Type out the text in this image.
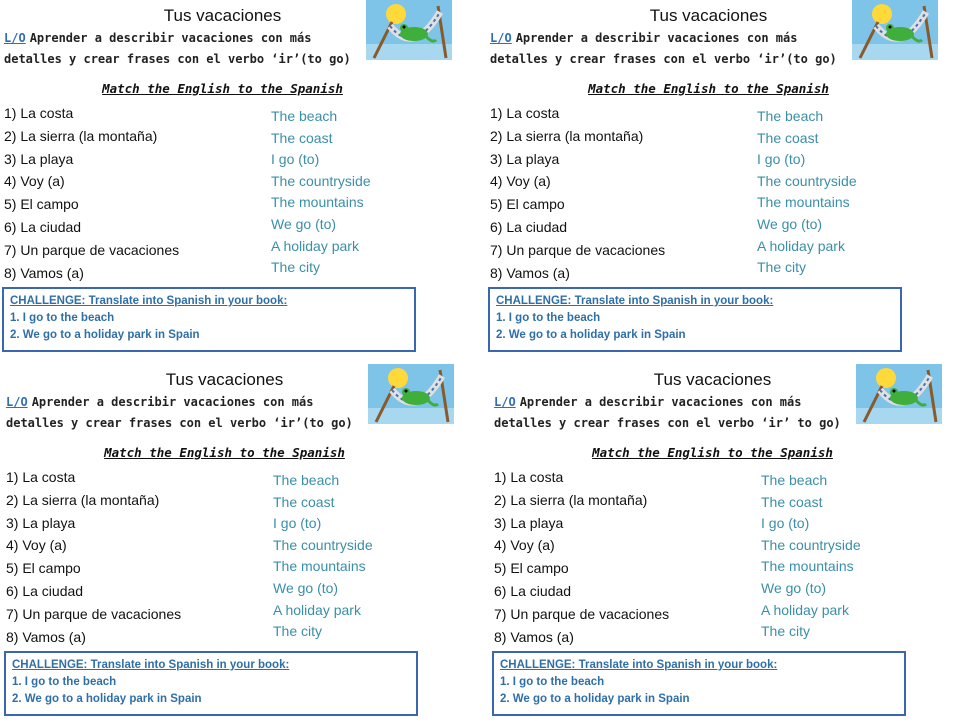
Tus vacaciones
L/O Aprender a describir vacaciones con más
detalles y crear frases con el verbo ‘ir’(to go)
Match the English to the Spanish
1) La costa
2) La sierra (la montaña)
3) La playa
4) Voy (a)
5) El campo
6) La ciudad
7) Un parque de vacaciones
8) Vamos (a)
The beach
The coast
I go (to)
The countryside
The mountains
We go (to)
A holiday park
The city
CHALLENGE: Translate into Spanish in your book:
1. I go to the beach
2. We go to a holiday park in Spain
Tus vacaciones
L/O Aprender a describir vacaciones con más
detalles y crear frases con el verbo ‘ir’(to go)
Match the English to the Spanish
1) La costa
2) La sierra (la montaña)
3) La playa
4) Voy (a)
5) El campo
6) La ciudad
7) Un parque de vacaciones
8) Vamos (a)
The beach
The coast
I go (to)
The countryside
The mountains
We go (to)
A holiday park
The city
CHALLENGE: Translate into Spanish in your book:
1. I go to the beach
2. We go to a holiday park in Spain
Tus vacaciones
L/O Aprender a describir vacaciones con más
detalles y crear frases con el verbo ‘ir’(to go)
Match the English to the Spanish
1) La costa
2) La sierra (la montaña)
3) La playa
4) Voy (a)
5) El campo
6) La ciudad
7) Un parque de vacaciones
8) Vamos (a)
The beach
The coast
I go (to)
The countryside
The mountains
We go (to)
A holiday park
The city
CHALLENGE: Translate into Spanish in your book:
1. I go to the beach
2. We go to a holiday park in Spain
Tus vacaciones
L/O Aprender a describir vacaciones con más
detalles y crear frases con el verbo ‘ir’ to go)
Match the English to the Spanish
1) La costa
2) La sierra (la montaña)
3) La playa
4) Voy (a)
5) El campo
6) La ciudad
7) Un parque de vacaciones
8) Vamos (a)
The beach
The coast
I go (to)
The countryside
The mountains
We go (to)
A holiday park
The city
CHALLENGE: Translate into Spanish in your book:
1. I go to the beach
2. We go to a holiday park in Spain
